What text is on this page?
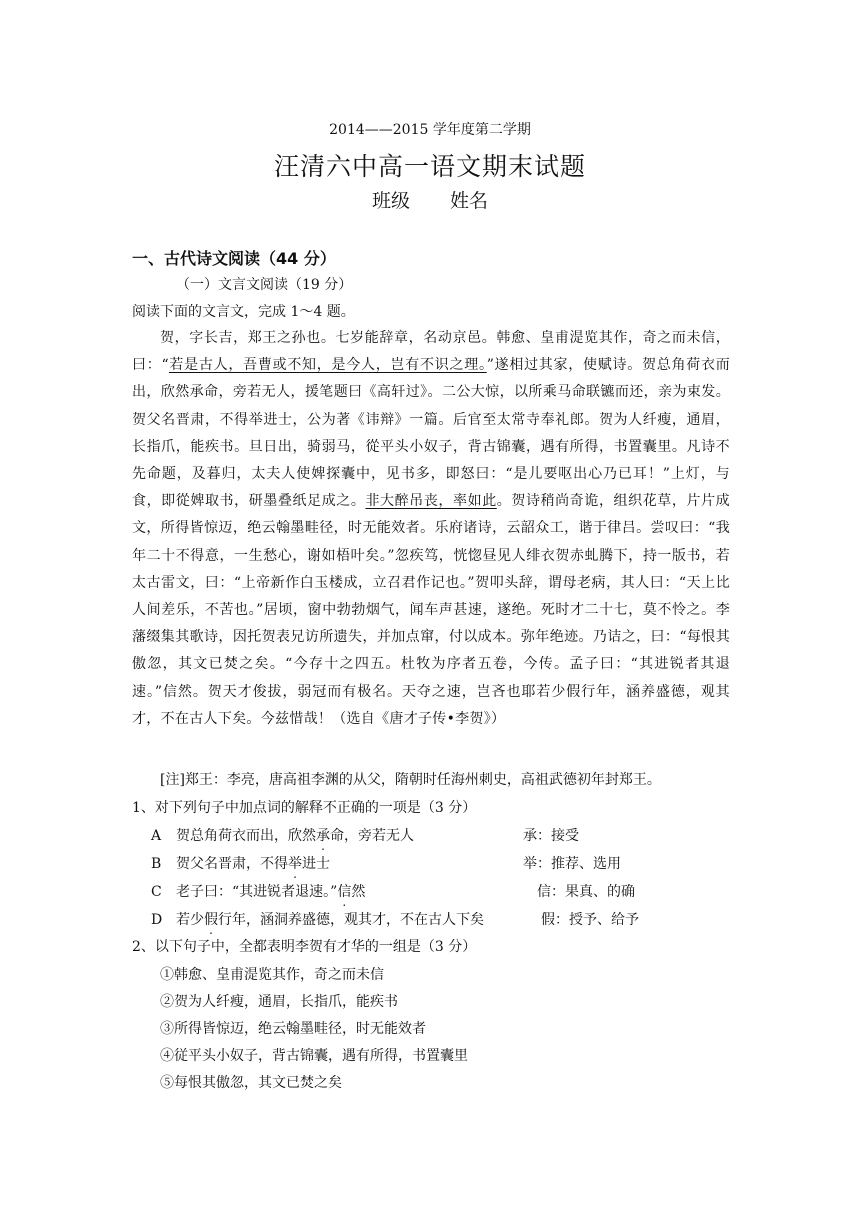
2014——2015 学年度第二学期
汪清六中高一语文期末试题
班级 姓名
一、古代诗文阅读（44 分）
（一）文言文阅读（19 分）
阅读下面的文言文，完成 1～4 题。
贺，字长吉，郑王之孙也。七岁能辞章，名动京邑。韩愈、皇甫湜览其作，奇之而未信，曰：“若是古人，吾曹或不知，是今人，岂有不识之理。”遂相过其家，使赋诗。贺总角荷衣而出，欣然承命，旁若无人，援笔题曰《高轩过》。二公大惊，以所乘马命联镳而还，亲为束发。贺父名晋肃，不得举进士，公为著《讳辩》一篇。后官至太常寺奉礼郎。贺为人纤瘦，通眉，长指爪，能疾书。旦日出，骑弱马，從平头小奴子，背古锦囊，遇有所得，书置囊里。凡诗不先命题，及暮归，太夫人使婢探囊中，见书多，即怒曰：“是儿要呕出心乃已耳！”上灯，与食，即從婢取书，研墨叠纸足成之。非大醉吊丧，率如此。贺诗稍尚奇诡，组织花草，片片成文，所得皆惊迈，绝云翰墨畦径，时无能效者。乐府诸诗，云韶众工，谐于律吕。尝叹曰：“我年二十不得意，一生愁心，谢如梧叶矣。”忽疾笃，恍惚昼见人绯衣贺赤虬腾下，持一版书，若太古雷文，曰：“上帝新作白玉楼成，立召君作记也。”贺叩头辞，谓母老病，其人曰：“天上比人间差乐，不苦也。”居顷，窗中勃勃烟气，闻车声甚速，遂绝。死时才二十七，莫不怜之。李藩缀集其歌诗，因托贺表兄访所遗失，并加点窜，付以成本。弥年绝迹。乃诘之，曰：“每恨其傲忽，其文已焚之矣。“今存十之四五。杜牧为序者五卷，今传。孟子曰：“其进锐者其退速。”信然。贺天才俊拔，弱冠而有极名。天夺之速，岂吝也耶若少假行年，涵养盛德，观其才，不在古人下矣。今兹惜哉！（选自《唐才子传•李贺》）
[注]郑王：李亮，唐高祖李渊的从父，隋朝时任海州刺史，高祖武德初年封郑王。
1、对下列句子中加点词的解释不正确的一项是（3 分）
A 贺总角荷衣而出，欣然承命，旁若无人	承：接受
B 贺父名晋肃，不得举进士	举：推荐、选用
C 老子曰：“其进锐者退速。”信然	信：果真、的确
D 若少假行年，涵洞养盛德，观其才，不在古人下矣	假：授予、给予
2、以下句子中，全都表明李贺有才华的一组是（3 分）
①韩愈、皇甫湜览其作，奇之而未信
②贺为人纤瘦，通眉，长指爪，能疾书
③所得皆惊迈，绝云翰墨畦径，时无能效者
④従平头小奴子，背古锦囊，遇有所得，书置囊里
⑤每恨其傲忽，其文已焚之矣
